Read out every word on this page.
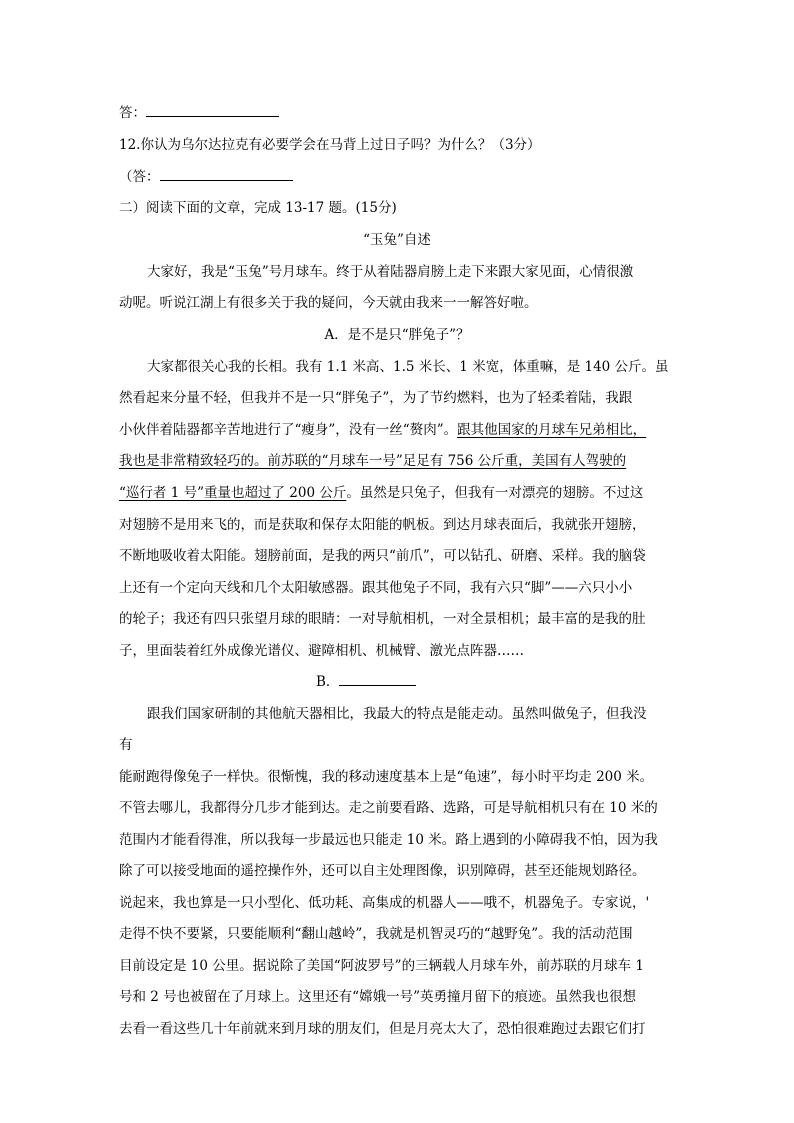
答：
12.你认为乌尔达拉克有必要学会在马背上过日子吗？为什么？（3分）
（答：
二）阅读下面的文章，完成 13-17 题。(15分)
“玉兔”自述
大家好，我是“玉兔”号月球车。终于从着陆器肩膀上走下来跟大家见面，心情很激
动呢。听说江湖上有很多关于我的疑问，今天就由我来一一解答好啦。
A．是不是只“胖兔子”？
大家都很关心我的长相。我有 1.1 米高、1.5 米长、1 米宽，体重嘛，是 140 公斤。虽
然看起来分量不轻，但我并不是一只“胖兔子”，为了节约燃料，也为了轻柔着陆，我跟
小伙伴着陆器都辛苦地进行了“瘦身”，没有一丝“赘肉”。跟其他国家的月球车兄弟相比，
我也是非常精致轻巧的。前苏联的“月球车一号”足足有 756 公斤重，美国有人驾驶的
“巡行者 1 号”重量也超过了 200 公斤。虽然是只兔子，但我有一对漂亮的翅膀。不过这
对翅膀不是用来飞的，而是获取和保存太阳能的帆板。到达月球表面后，我就张开翅膀，
不断地吸收着太阳能。翅膀前面，是我的两只“前爪”，可以钻孔、研磨、采样。我的脑袋
上还有一个定向天线和几个太阳敏感器。跟其他兔子不同，我有六只“脚”——六只小小
的轮子；我还有四只张望月球的眼睛：一对导航相机，一对全景相机；最丰富的是我的肚
子，里面装着红外成像光谱仪、避障相机、机械臂、激光点阵器……
B．
跟我们国家研制的其他航天器相比，我最大的特点是能走动。虽然叫做兔子，但我没
有
能耐跑得像兔子一样快。很惭愧，我的移动速度基本上是“龟速”，每小时平均走 200 米。
不管去哪儿，我都得分几步才能到达。走之前要看路、选路，可是导航相机只有在 10 米的
范围内才能看得准，所以我每一步最远也只能走 10 米。路上遇到的小障碍我不怕，因为我
除了可以接受地面的遥控操作外，还可以自主处理图像，识别障碍，甚至还能规划路径。
说起来，我也算是一只小型化、低功耗、高集成的机器人——哦不，机器兔子。专家说，'
走得不快不要紧，只要能顺利“翻山越岭”，我就是机智灵巧的“越野兔”。我的活动范围
目前设定是 10 公里。据说除了美国“阿波罗号”的三辆载人月球车外，前苏联的月球车 1
号和 2 号也被留在了月球上。这里还有“嫦娥一号”英勇撞月留下的痕迹。虽然我也很想
去看一看这些几十年前就来到月球的朋友们，但是月亮太大了，恐怕很难跑过去跟它们打
